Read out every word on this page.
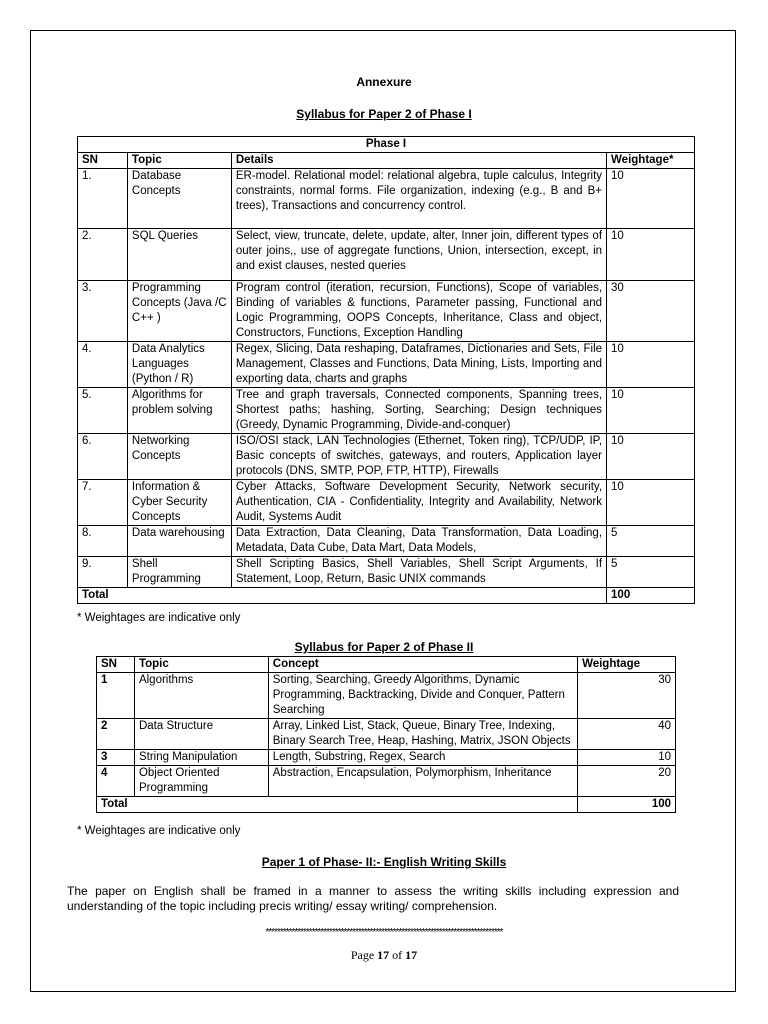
Annexure
Syllabus for Paper 2 of Phase I
Phase I			
SN	Topic	Details	Weightage*
1.	Database Concepts	ER-model. Relational model: relational algebra, tuple calculus, Integrity constraints, normal forms. File organization, indexing (e.g., B and B+ trees), Transactions and concurrency control.	10
2.	SQL Queries	Select, view, truncate, delete, update, alter, Inner join, different types of outer joins,, use of aggregate functions, Union, intersection, except, in and exist clauses, nested queries	10
3.	Programming Concepts (Java /C C++ )	Program control (iteration, recursion, Functions), Scope of variables, Binding of variables & functions, Parameter passing, Functional and Logic Programming, OOPS Concepts, Inheritance, Class and object, Constructors, Functions, Exception Handling	30
4.	Data Analytics Languages (Python / R)	Regex, Slicing, Data reshaping, Dataframes, Dictionaries and Sets, File Management, Classes and Functions, Data Mining, Lists, Importing and exporting data, charts and graphs	10
5.	Algorithms for problem solving	Tree and graph traversals, Connected components, Spanning trees, Shortest paths; hashing, Sorting, Searching; Design techniques (Greedy, Dynamic Programming, Divide-and-conquer)	10
6.	Networking Concepts	ISO/OSI stack, LAN Technologies (Ethernet, Token ring), TCP/UDP, IP, Basic concepts of switches, gateways, and routers, Application layer protocols (DNS, SMTP, POP, FTP, HTTP), Firewalls	10
7.	Information & Cyber Security Concepts	Cyber Attacks, Software Development Security, Network security, Authentication, CIA - Confidentiality, Integrity and Availability, Network Audit, Systems Audit	10
8.	Data warehousing	Data Extraction, Data Cleaning, Data Transformation, Data Loading, Metadata, Data Cube, Data Mart, Data Models,	5
9.	Shell Programming	Shell Scripting Basics, Shell Variables, Shell Script Arguments, If Statement, Loop, Return, Basic UNIX commands	5
Total			100
* Weightages are indicative only
Syllabus for Paper 2 of Phase II
SN	Topic	Concept	Weightage
1	Algorithms	Sorting, Searching, Greedy Algorithms, Dynamic Programming, Backtracking, Divide and Conquer, Pattern Searching	30
2	Data Structure	Array, Linked List, Stack, Queue, Binary Tree, Indexing, Binary Search Tree, Heap, Hashing, Matrix, JSON Objects	40
3	String Manipulation	Length, Substring, Regex, Search	10
4	Object Oriented Programming	Abstraction, Encapsulation, Polymorphism, Inheritance	20
Total			100
* Weightages are indicative only
Paper 1 of Phase- II:- English Writing Skills
The paper on English shall be framed in a manner to assess the writing skills including expression and understanding of the topic including precis writing/ essay writing/ comprehension.
**********************************************************************************
Page 17 of 17
